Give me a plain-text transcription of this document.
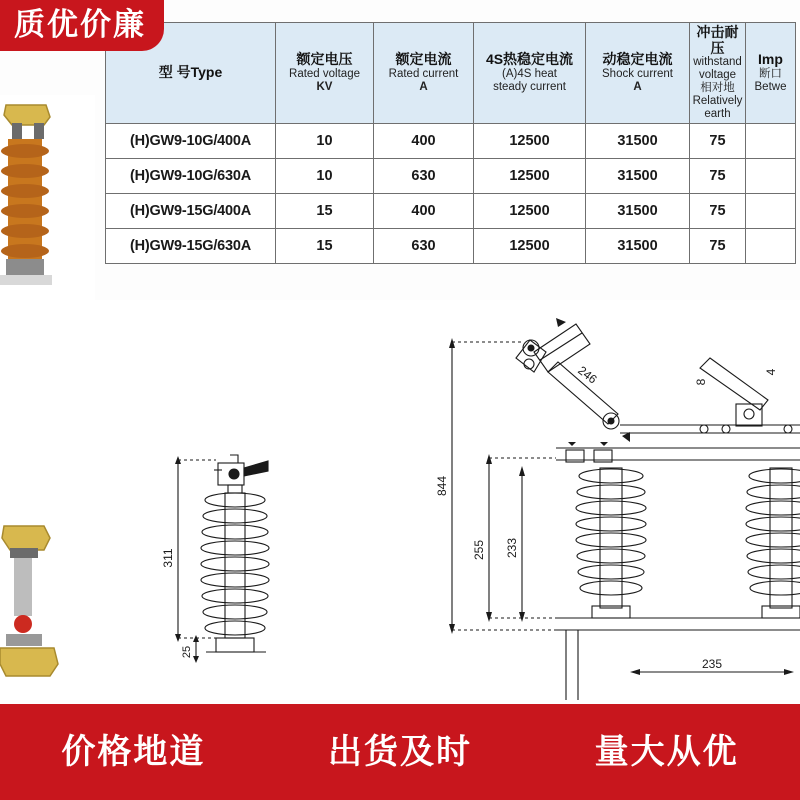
质优价廉
型 号Type	额定电压
Rated voltage
KV	额定电流
Rated current
A	4S热稳定电流
(A)4S heat
steady current	动稳定电流
Shock current
A	冲击耐压
withstand voltage
相对地 Relatively earth	Imp
断口 Betwe

(H)GW9-10G/400A	10	400	12500	31500	75	
(H)GW9-10G/630A	10	630	12500	31500	75	
(H)GW9-15G/400A	15	400	12500	31500	75	
(H)GW9-15G/630A	15	630	12500	31500	75	
311
25
246	8
4
844
255 233
235
价格地道	出货及时	量大从优
